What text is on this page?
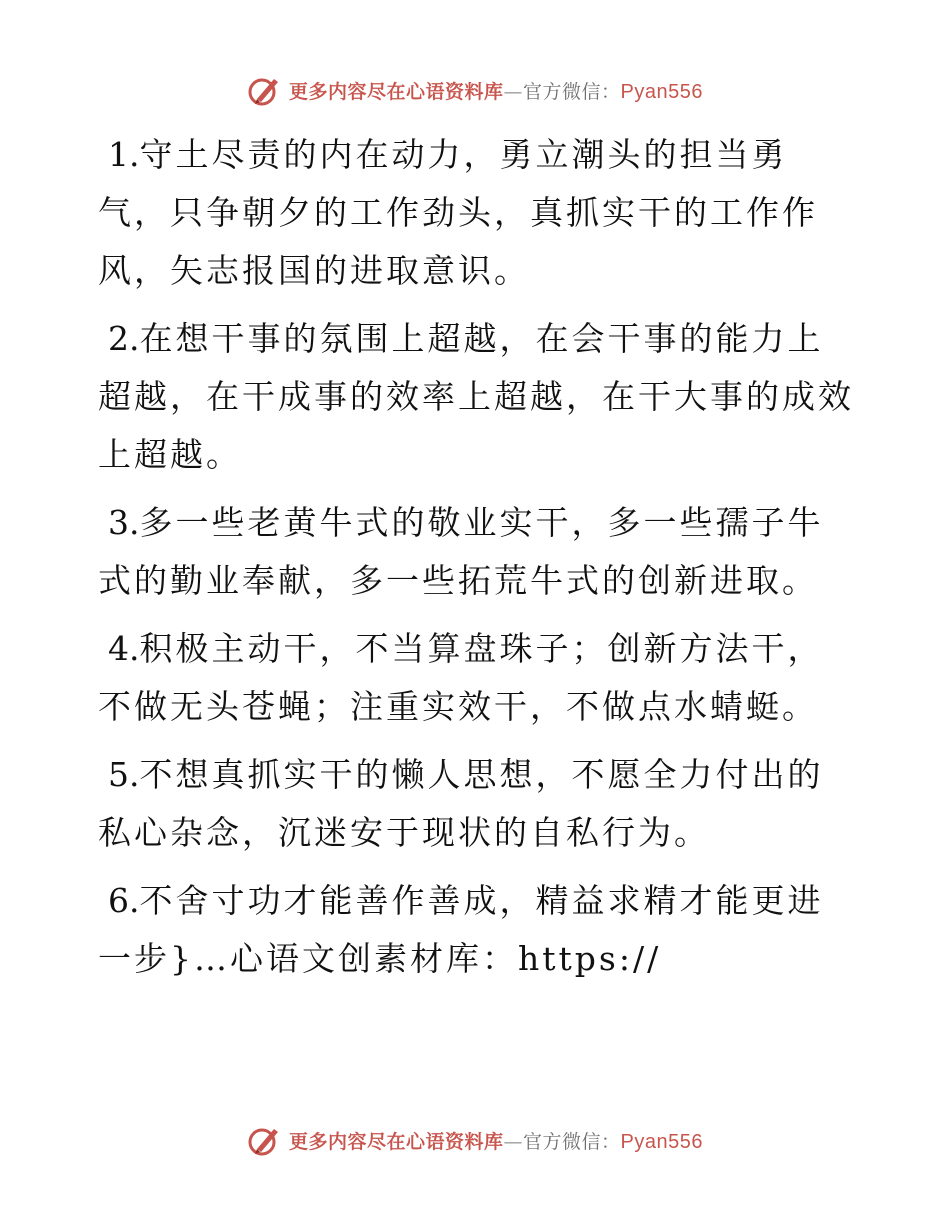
更多内容尽在心语资料库—官方微信：Pyan556

1.守土尽责的内在动力，勇立潮头的担当勇气，只争朝夕的工作劲头，真抓实干的工作作风，矢志报国的进取意识。

2.在想干事的氛围上超越，在会干事的能力上超越，在干成事的效率上超越，在干大事的成效上超越。

3.多一些老黄牛式的敬业实干，多一些孺子牛式的勤业奉献，多一些拓荒牛式的创新进取。

4.积极主动干，不当算盘珠子；创新方法干，不做无头苍蝇；注重实效干，不做点水蜻蜓。

5.不想真抓实干的懒人思想，不愿全力付出的私心杂念，沉迷安于现状的自私行为。

6.不舍寸功才能善作善成，精益求精才能更进一步}…心语文创素材库：https://

更多内容尽在心语资料库—官方微信：Pyan556
